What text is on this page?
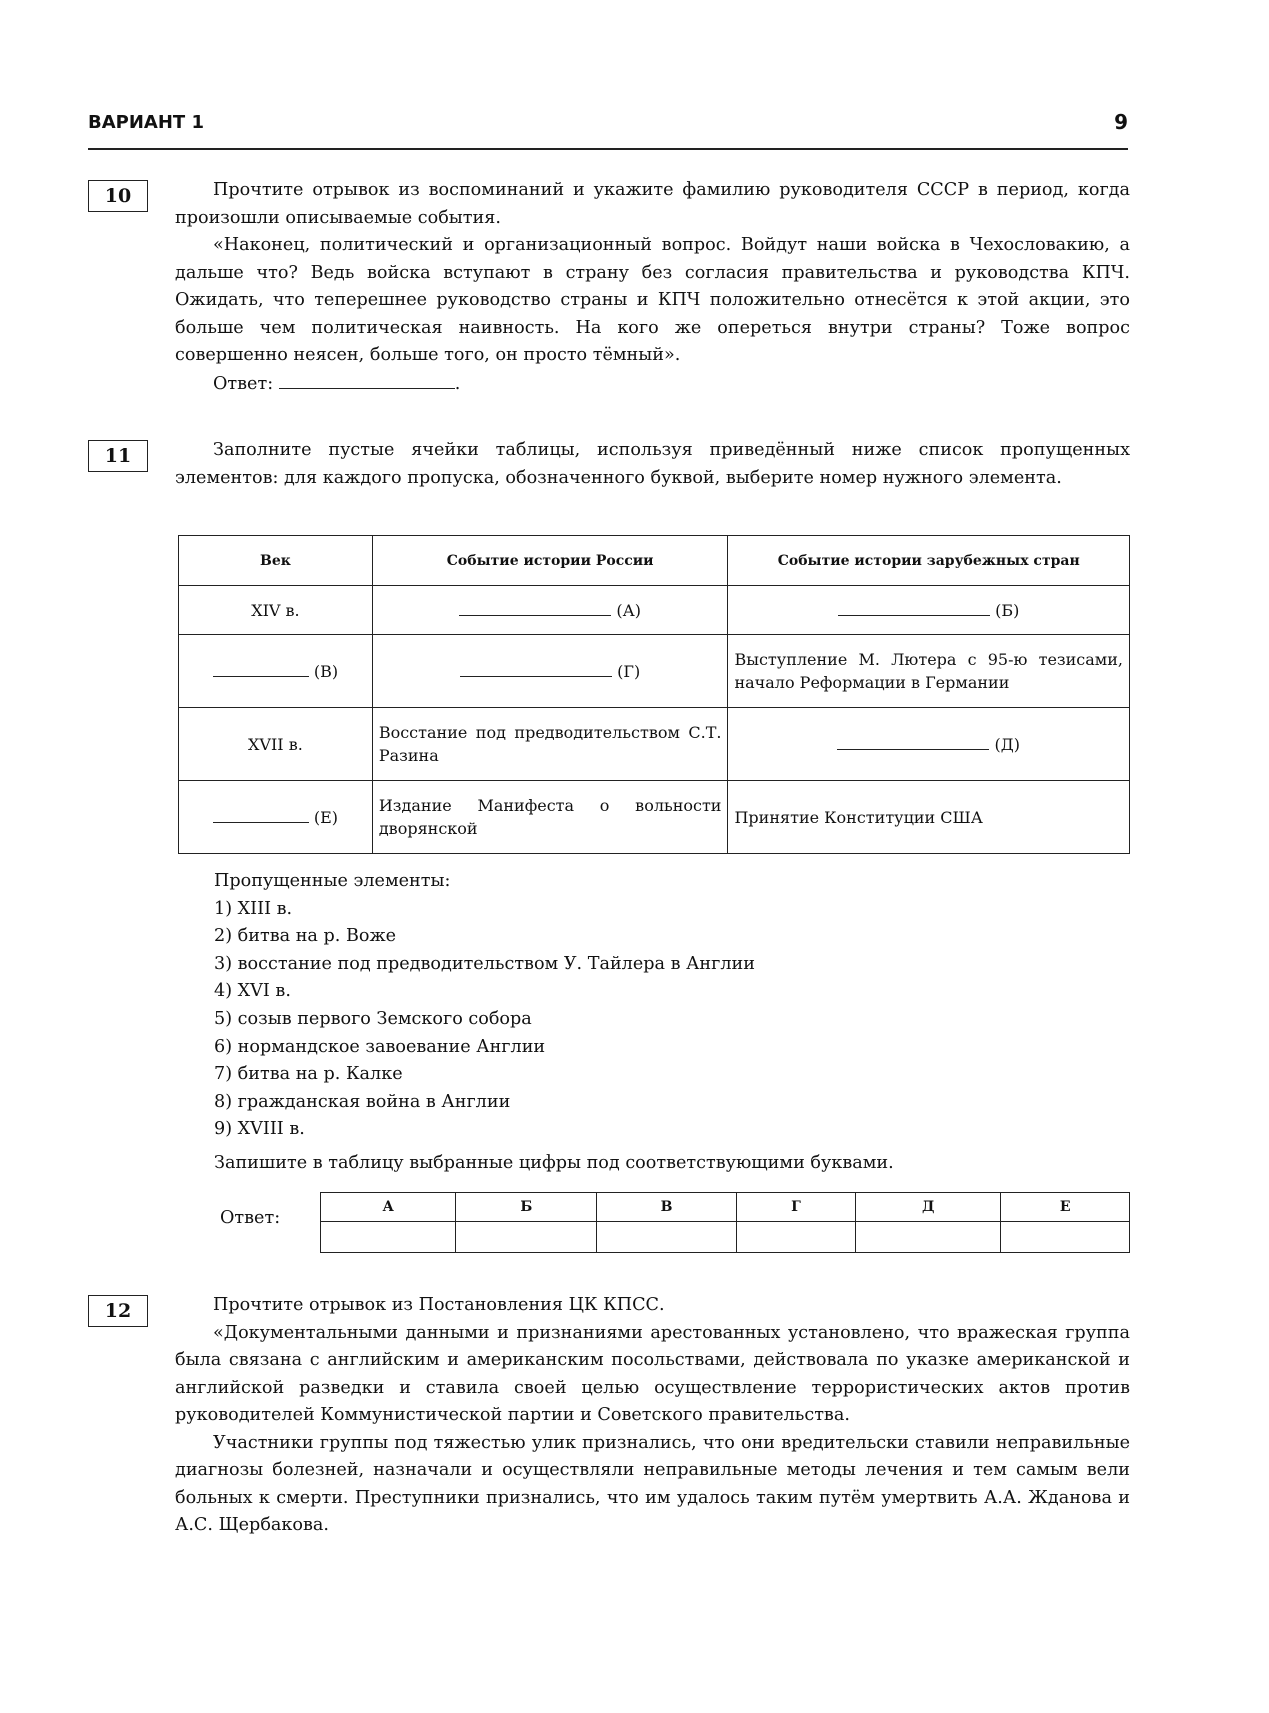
ВАРИАНТ 1	9
10	Прочтите отрывок из воспоминаний и укажите фамилию руководителя СССР в период, когда произошли описываемые события.

«Наконец, политический и организационный вопрос. Войдут наши войска в Чехословакию, а дальше что? Ведь войска вступают в страну без согласия правительства и руководства КПЧ. Ожидать, что теперешнее руководство страны и КПЧ положительно отнесётся к этой акции, это больше чем политическая наивность. На кого же опереться внутри страны? Тоже вопрос совершенно неясен, больше того, он просто тёмный».

Ответ:	.

11	Заполните пустые ячейки таблицы, используя приведённый ниже список пропущенных элементов: для каждого пропуска, обозначенного буквой, выберите номер нужного элемента.

Век	Событие истории России	Событие истории зарубежных стран
XIV в.	(А)	(Б)
(В)	(Г)	Выступление М. Лютера с 95-ю тезисами, начало Реформации в Германии
XVII в.	Восстание под предводительством С.Т. Разина	(Д)
(Е)	Издание Манифеста о вольности дворянской	Принятие Конституции США
Пропущенные элементы:
1) XIII в.
2) битва на р. Воже
3) восстание под предводительством У. Тайлера в Англии
4) XVI в.
5) созыв первого Земского собора
6) нормандское завоевание Англии
7) битва на р. Калке
8) гражданская война в Англии
9) XVIII в.
Запишите в таблицу выбранные цифры под соответствующими буквами.
Ответ:
А	Б	В	Г	Д	Е

12	Прочтите отрывок из Постановления ЦК КПСС.

«Документальными данными и признаниями арестованных установлено, что вражеская группа была связана с английским и американским посольствами, действовала по указке американской и английской разведки и ставила своей целью осуществление террористических актов против руководителей Коммунистической партии и Советского правительства.

Участники группы под тяжестью улик признались, что они вредительски ставили неправильные диагнозы болезней, назначали и осуществляли неправильные методы лечения и тем самым вели больных к смерти. Преступники признались, что им удалось таким путём умертвить А.А. Жданова и А.С. Щербакова.
